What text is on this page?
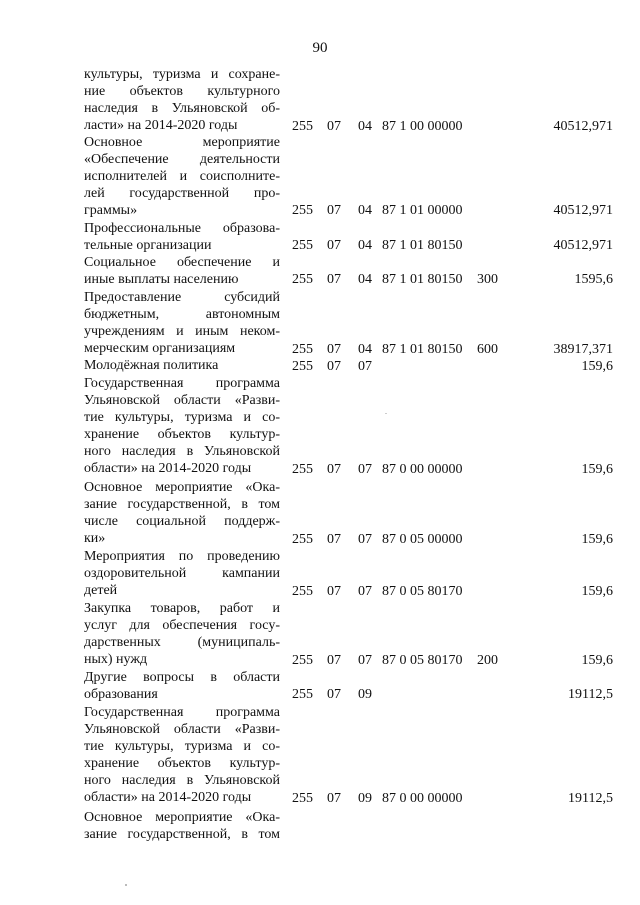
90
культуры, туризма и сохране-
ние объектов культурного
наследия в Ульяновской об-
ласти» на 2014-2020 годы	255 07 04 87 1 00 00000	40512,971
Основное мероприятие
«Обеспечение деятельности
исполнителей и соисполните-
лей государственной про-
граммы»	255 07 04 87 1 01 00000	40512,971
Профессиональные образова-
тельные организации	255 07 04 87 1 01 80150	40512,971
Социальное обеспечение и
иные выплаты населению	255 07 04 87 1 01 80150 300	1595,6
Предоставление субсидий
бюджетным, автономным
учреждениям и иным неком-
мерческим организациям	255 07 04 87 1 01 80150 600	38917,371
Молодёжная политика	255 07 07	159,6
Государственная программа
Ульяновской области «Разви-
тие культуры, туризма и со-
хранение объектов культур-
ного наследия в Ульяновской
области» на 2014-2020 годы	255 07 07 87 0 00 00000	159,6
Основное мероприятие «Ока-
зание государственной, в том
числе социальной поддерж-
ки»	255 07 07 87 0 05 00000	159,6
Мероприятия по проведению
оздоровительной кампании
детей	255 07 07 87 0 05 80170	159,6
Закупка товаров, работ и
услуг для обеспечения госу-
дарственных (муниципаль-
ных) нужд	255 07 07 87 0 05 80170 200	159,6
Другие вопросы в области
образования	255 07 09	19112,5
Государственная программа
Ульяновской области «Разви-
тие культуры, туризма и со-
хранение объектов культур-
ного наследия в Ульяновской
области» на 2014-2020 годы	255 07 09 87 0 00 00000	19112,5
Основное мероприятие «Ока-
зание государственной, в том
